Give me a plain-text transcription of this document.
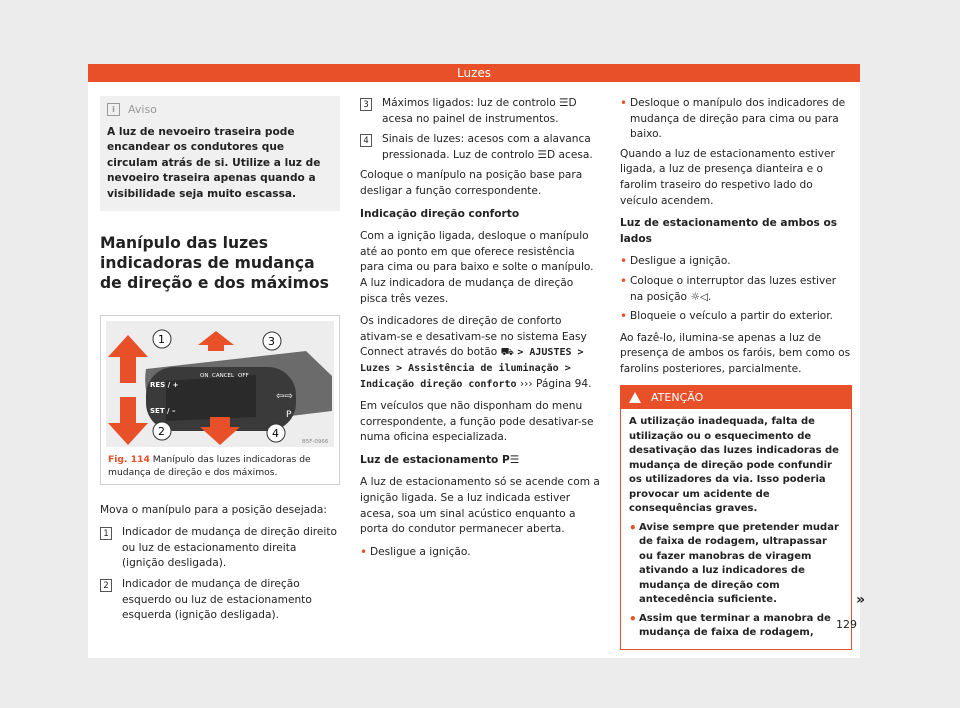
Luzes
i	Aviso
A luz de nevoeiro traseira pode encandear os condutores que circulam atrás de si. Utilize a luz de nevoeiro traseira apenas quando a visibilidade seja muito escassa.
Manípulo das luzes indicadoras de mudança de direção e dos máximos
RES / +
SET / –
ON CANCEL OFF
⇦⇨
P
1
2
3
4
B5F-0966
Fig. 114 Manípulo das luzes indicadoras de mudança de direção e dos máximos.

Mova o manípulo para a posição desejada:

1	Indicador de mudança de direção direito ou luz de estacionamento direita (ignição desligada).
2	Indicador de mudança de direção esquerdo ou luz de estacionamento esquerda (ignição desligada).
3	Máximos ligados: luz de controlo ☰D acesa no painel de instrumentos.
4	Sinais de luzes: acesos com a alavanca pressionada. Luz de controlo ☰D acesa.

Coloque o manípulo na posição base para desligar a função correspondente.

Indicação direção conforto

Com a ignição ligada, desloque o manípulo até ao ponto em que oferece resistência para cima ou para baixo e solte o manípulo. A luz indicadora de mudança de direção pisca três vezes.

Os indicadores de direção de conforto ativam-se e desativam-se no sistema Easy Connect através do botão ⛟ > AJUSTES > Luzes > Assistência de iluminação > Indicação direção conforto ››› Página 94.

Em veículos que não disponham do menu correspondente, a função pode desativar-se numa oficina especializada.

Luz de estacionamento P☰

A luz de estacionamento só se acende com a ignição ligada. Se a luz indicada estiver acesa, soa um sinal acústico enquanto a porta do condutor permanecer aberta.

• Desligue a ignição.
• Desloque o manípulo dos indicadores de mudança de direção para cima ou para baixo.

Quando a luz de estacionamento estiver ligada, a luz de presença dianteira e o farolim traseiro do respetivo lado do veículo acendem.

Luz de estacionamento de ambos os lados

• Desligue a ignição.
• Coloque o interruptor das luzes estiver na posição ☼◁.
• Bloqueie o veículo a partir do exterior.

Ao fazê-lo, ilumina-se apenas a luz de presença de ambos os faróis, bem como os farolins posteriores, parcialmente.

ATENÇÃO
A utilização inadequada, falta de utilização ou o esquecimento de desativação das luzes indicadoras de mudança de direção pode confundir os utilizadores da via. Isso poderia provocar um acidente de consequências graves.
• Avise sempre que pretender mudar de faixa de rodagem, ultrapassar ou fazer manobras de viragem ativando a luz indicadores de mudança de direção com antecedência suficiente.
• Assim que terminar a manobra de mudança de faixa de rodagem,
»
129
